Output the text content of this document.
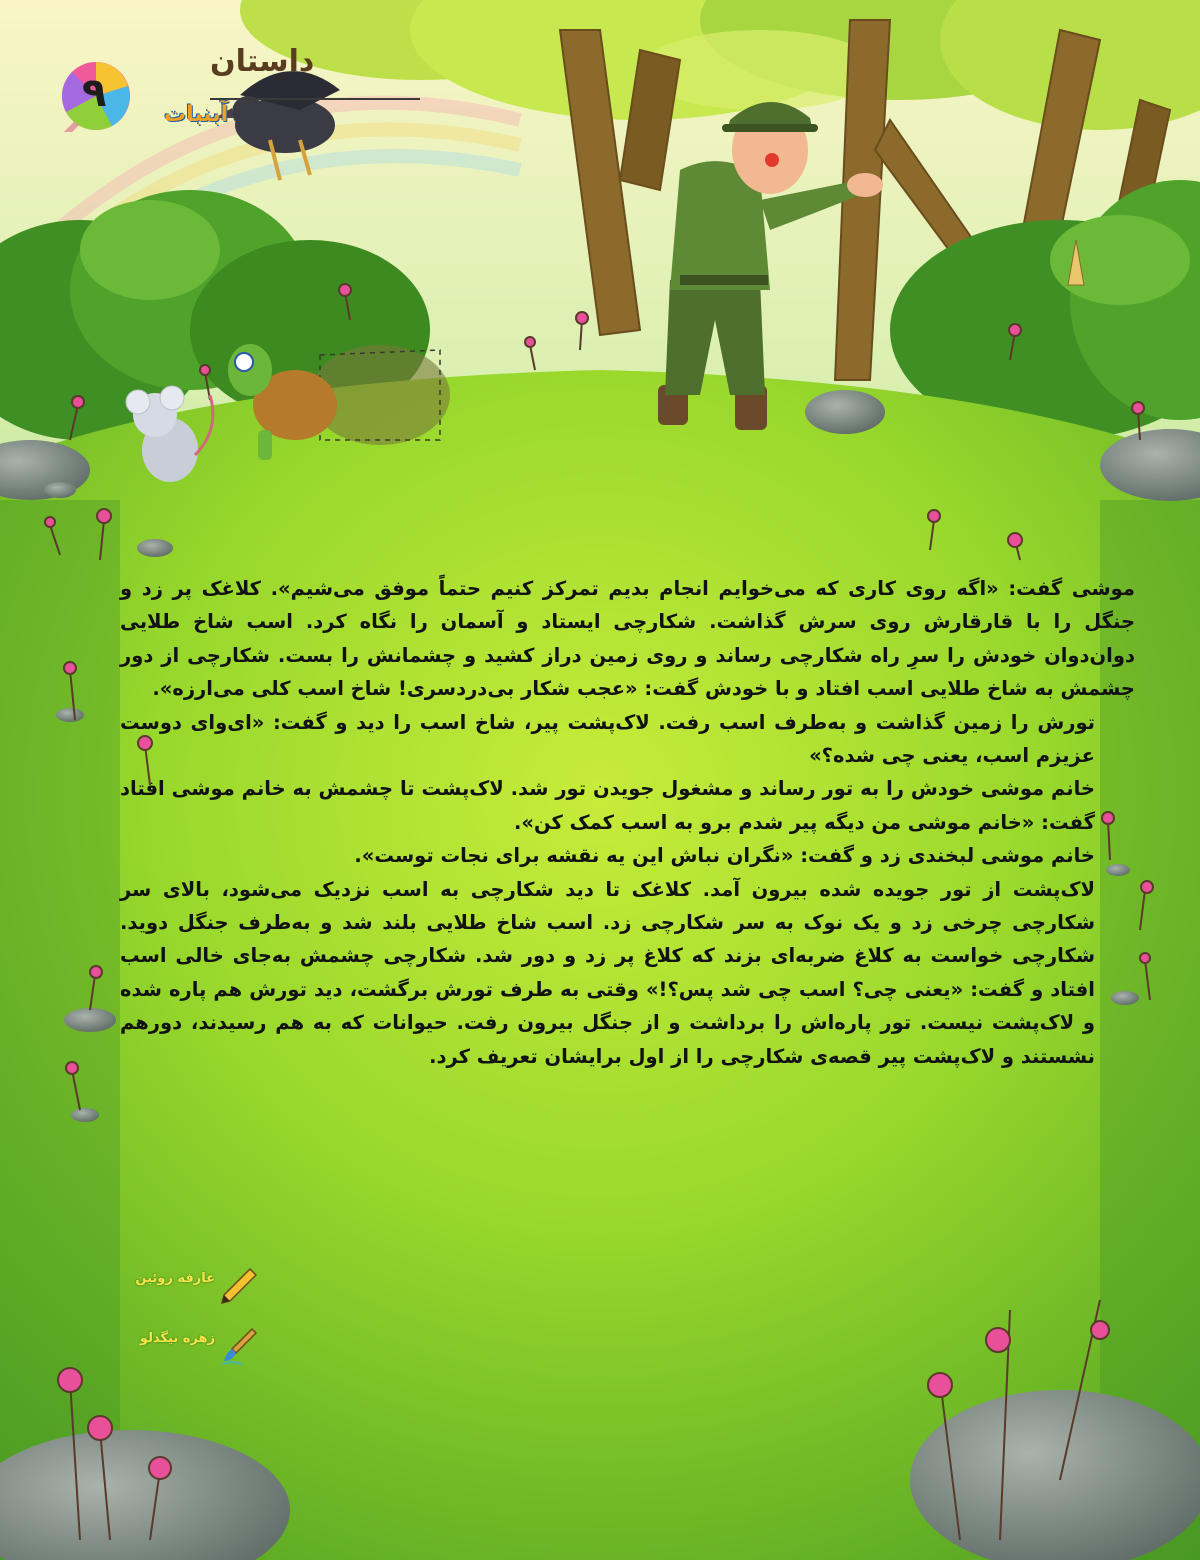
۹
داستان
آبنبات

موشی گفت: «اگه روی کاری که می‌خوایم انجام بدیم تمرکز کنیم حتماً موفق می‌شیم». کلاغک پر زد و جنگل را با قارقارش روی سرش گذاشت. شکارچی ایستاد و آسمان را نگاه کرد. اسب شاخ طلایی دوان‌دوان خودش را سرِ راه شکارچی رساند و روی زمین دراز کشید و چشمانش را بست. شکارچی از دور چشمش به شاخ طلایی اسب افتاد و با خودش گفت: «عجب شکار بی‌دردسری! شاخ اسب کلی می‌ارزه».

تورش را زمین گذاشت و به‌طرف اسب رفت. لاک‌پشت پیر، شاخ اسب را دید و گفت: «ای‌وای دوست عزیزم اسب، یعنی چی شده؟»

خانم موشی خودش را به تور رساند و مشغول جویدن تور شد. لاک‌پشت تا چشمش به خانم موشی افتاد گفت: «خانم موشی من دیگه پیر شدم برو به اسب کمک کن».

خانم موشی لبخندی زد و گفت: «نگران نباش این یه نقشه برای نجات توست».

لاک‌پشت از تور جویده شده بیرون آمد. کلاغک تا دید شکارچی به اسب نزدیک می‌شود، بالای سر شکارچی چرخی زد و یک نوک به سر شکارچی زد. اسب شاخ طلایی بلند شد و به‌طرف جنگل دوید. شکارچی خواست به کلاغ ضربه‌ای بزند که کلاغ پر زد و دور شد. شکارچی چشمش به‌جای خالی اسب افتاد و گفت: «یعنی چی؟ اسب چی شد پس؟!» وقتی به طرف تورش برگشت، دید تورش هم پاره شده و لاک‌پشت نیست. تور پاره‌اش را برداشت و از جنگل بیرون رفت. حیوانات که به هم رسیدند، دورهم نشستند و لاک‌پشت پیر قصه‌ی شکارچی را از اول برایشان تعریف کرد.

عارفه روئین
زهره بیگدلو
